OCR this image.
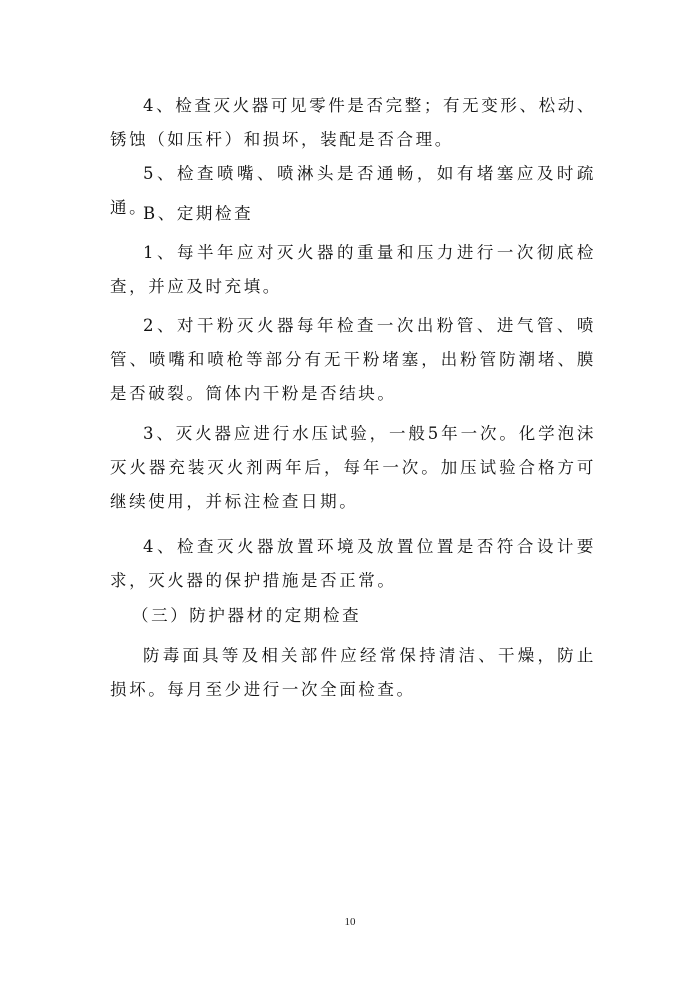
4、检查灭火器可见零件是否完整；有无变形、松动、锈蚀（如压杆）和损坏，装配是否合理。

5、检查喷嘴、喷淋头是否通畅，如有堵塞应及时疏通。

B、定期检查

1、每半年应对灭火器的重量和压力进行一次彻底检查，并应及时充填。

2、对干粉灭火器每年检查一次出粉管、进气管、喷管、喷嘴和喷枪等部分有无干粉堵塞，出粉管防潮堵、膜是否破裂。筒体内干粉是否结块。

3、灭火器应进行水压试验，一般5年一次。化学泡沫灭火器充装灭火剂两年后，每年一次。加压试验合格方可继续使用，并标注检查日期。

4、检查灭火器放置环境及放置位置是否符合设计要求，灭火器的保护措施是否正常。

（三）防护器材的定期检查

防毒面具等及相关部件应经常保持清洁、干燥，防止损坏。每月至少进行一次全面检查。

10
